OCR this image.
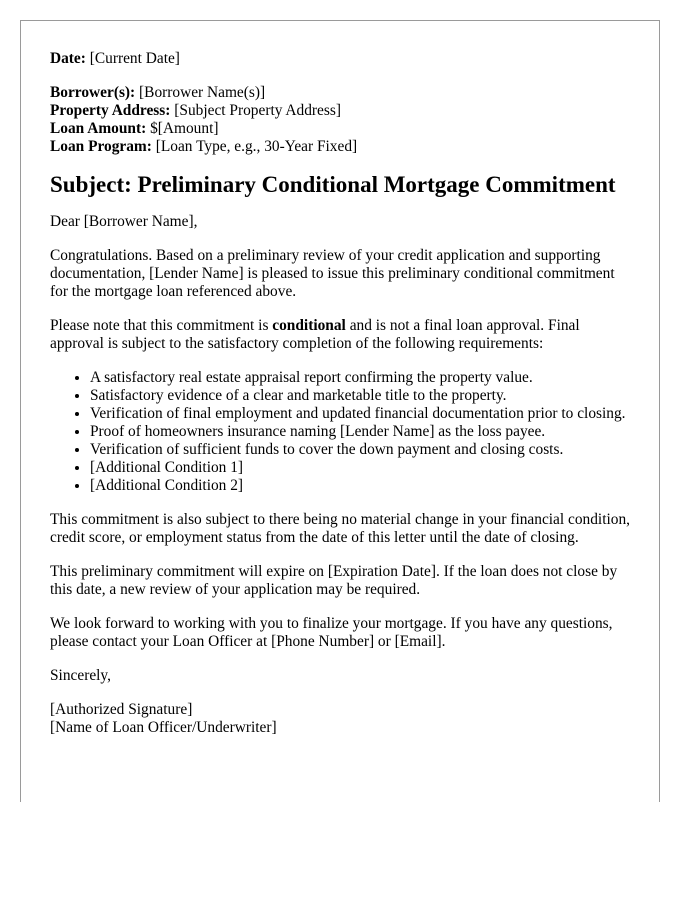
Date: [Current Date]
Borrower(s): [Borrower Name(s)]
Property Address: [Subject Property Address]
Loan Amount: $[Amount]
Loan Program: [Loan Type, e.g., 30-Year Fixed]
Subject: Preliminary Conditional Mortgage Commitment

Dear [Borrower Name],

Congratulations. Based on a preliminary review of your credit application and supporting documentation, [Lender Name] is pleased to issue this preliminary conditional commitment for the mortgage loan referenced above.

Please note that this commitment is conditional and is not a final loan approval. Final approval is subject to the satisfactory completion of the following requirements:

• A satisfactory real estate appraisal report confirming the property value.
• Satisfactory evidence of a clear and marketable title to the property.
• Verification of final employment and updated financial documentation prior to closing.
• Proof of homeowners insurance naming [Lender Name] as the loss payee.
• Verification of sufficient funds to cover the down payment and closing costs.
• [Additional Condition 1]
• [Additional Condition 2]

This commitment is also subject to there being no material change in your financial condition, credit score, or employment status from the date of this letter until the date of closing.

This preliminary commitment will expire on [Expiration Date]. If the loan does not close by this date, a new review of your application may be required.

We look forward to working with you to finalize your mortgage. If you have any questions, please contact your Loan Officer at [Phone Number] or [Email].

Sincerely,

[Authorized Signature]
[Name of Loan Officer/Underwriter]
